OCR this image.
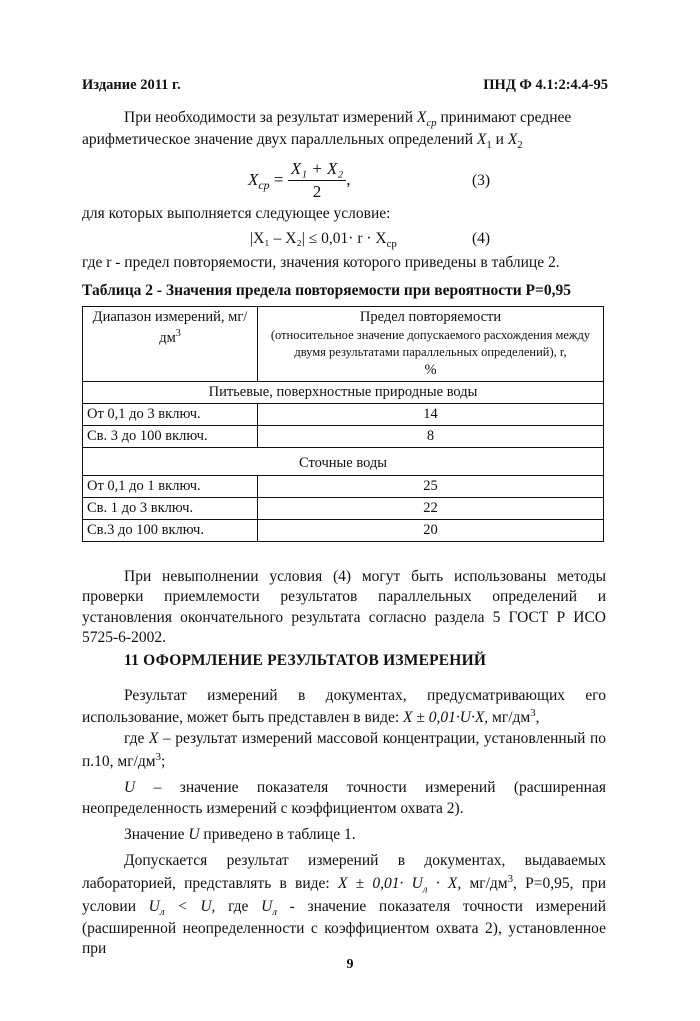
Издание 2011 г.	ПНД Ф 4.1:2:4.4-95
При необходимости за результат измерений $X_{ср}$ принимают среднее
арифметическое значение двух параллельных определений $X_1$ и $X_2$
$X_{ср} = \frac{\text{X₁ + X₂}}{2}$ ,	(3)
для которых выполняется следующее условие:
$|X_1 - X_2| \le 0,01\cdot r \cdot X_{ср}$	(4)
где r - предел повторяемости, значения которого приведены в таблице 2.
Таблица 2 - Значения предела повторяемости при вероятности Р=0,95
Диапазон измерений, $мг/дм^3$	Предел повторяемости
(относительное значение допускаемого расхождения между двумя результатами параллельных определений), r,
%

Питьевые, поверхностные природные воды	
От 0,1 до 3 включ.	14
Св. 3 до 100 включ.	8
Сточные воды	
От 0,1 до 1 включ.	25
Св. 1 до 3 включ.	22
Св.3 до 100 включ.	20
При невыполнении условия (4) могут быть использованы методы проверки приемлемости результатов параллельных определений и установления окончательного результата согласно раздела 5 ГОСТ Р ИСО 5725-6-2002.
11 ОФОРМЛЕНИЕ РЕЗУЛЬТАТОВ ИЗМЕРЕНИЙ
Результат измерений в документах, предусматривающих его использование, может быть представлен в виде: X ± 0,01·U·X, $мг/дм^3$,
где X – результат измерений массовой концентрации, установленный по п.10, $мг/дм^3$;
U – значение показателя точности измерений (расширенная неопределенность измерений с коэффициентом охвата 2).
Значение U приведено в таблице 1.
Допускается результат измерений в документах, выдаваемых лабораторией, представлять в виде: $X \pm 0,01\cdot U_л \cdot X$, $мг/дм^3$, Р=0,95, при условии $U_л < U$, где $U_л$ - значение показателя точности измерений (расширенной неопределенности с коэффициентом охвата 2), установленное при
9
